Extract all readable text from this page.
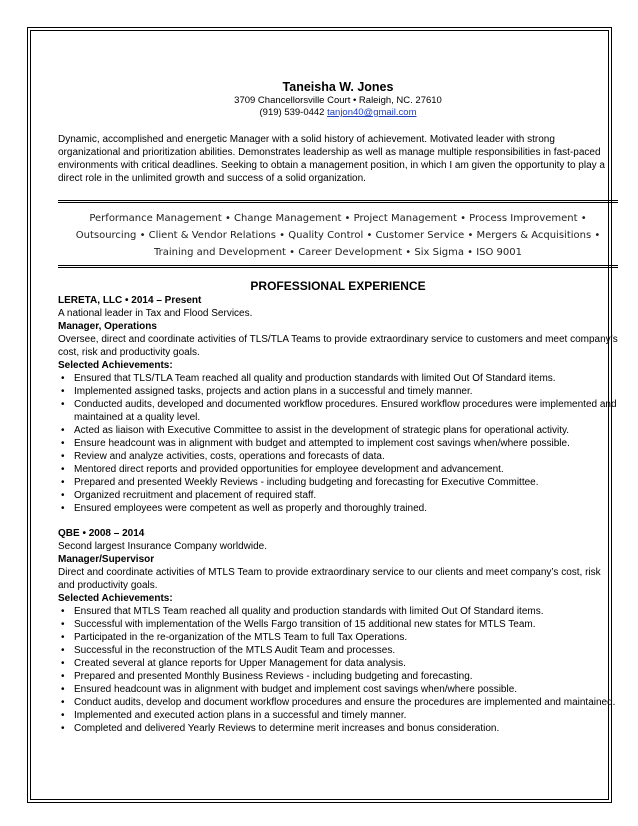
Taneisha W. Jones

3709 Chancellorsville Court • Raleigh, NC. 27610

(919) 539-0442 tanjon40@gmail.com

Dynamic, accomplished and energetic Manager with a solid history of achievement. Motivated leader with strong organizational and prioritization abilities. Demonstrates leadership as well as manage multiple responsibilities in fast-paced environments with critical deadlines. Seeking to obtain a management position, in which I am given the opportunity to play a direct role in the unlimited growth and success of a solid organization.
Performance Management • Change Management • Project Management • Process Improvement •
Outsourcing • Client & Vendor Relations • Quality Control • Customer Service • Mergers & Acquisitions •
Training and Development • Career Development • Six Sigma • ISO 9001
PROFESSIONAL EXPERIENCE

LERETA, LLC • 2014 – Present

A national leader in Tax and Flood Services.

Manager, Operations

Oversee, direct and coordinate activities of TLS/TLA Teams to provide extraordinary service to customers and meet company’s cost, risk and productivity goals.

Selected Achievements:

• Ensured that TLS/TLA Team reached all quality and production standards with limited Out Of Standard items.
• Implemented assigned tasks, projects and action plans in a successful and timely manner.
• Conducted audits, developed and documented workflow procedures. Ensured workflow procedures were implemented and maintained at a quality level.
• Acted as liaison with Executive Committee to assist in the development of strategic plans for operational activity.
• Ensure headcount was in alignment with budget and attempted to implement cost savings when/where possible.
• Review and analyze activities, costs, operations and forecasts of data.
• Mentored direct reports and provided opportunities for employee development and advancement.
• Prepared and presented Weekly Reviews - including budgeting and forecasting for Executive Committee.
• Organized recruitment and placement of required staff.
• Ensured employees were competent as well as properly and thoroughly trained.

QBE • 2008 – 2014

Second largest Insurance Company worldwide.

Manager/Supervisor

Direct and coordinate activities of MTLS Team to provide extraordinary service to our clients and meet company’s cost, risk and productivity goals.

Selected Achievements:

• Ensured that MTLS Team reached all quality and production standards with limited Out Of Standard items.
• Successful with implementation of the Wells Fargo transition of 15 additional new states for MTLS Team.
• Participated in the re-organization of the MTLS Team to full Tax Operations.
• Successful in the reconstruction of the MTLS Audit Team and processes.
• Created several at glance reports for Upper Management for data analysis.
• Prepared and presented Monthly Business Reviews - including budgeting and forecasting.
• Ensured headcount was in alignment with budget and implement cost savings when/where possible.
• Conduct audits, develop and document workflow procedures and ensure the procedures are implemented and maintained.
• Implemented and executed action plans in a successful and timely manner.
• Completed and delivered Yearly Reviews to determine merit increases and bonus consideration.
